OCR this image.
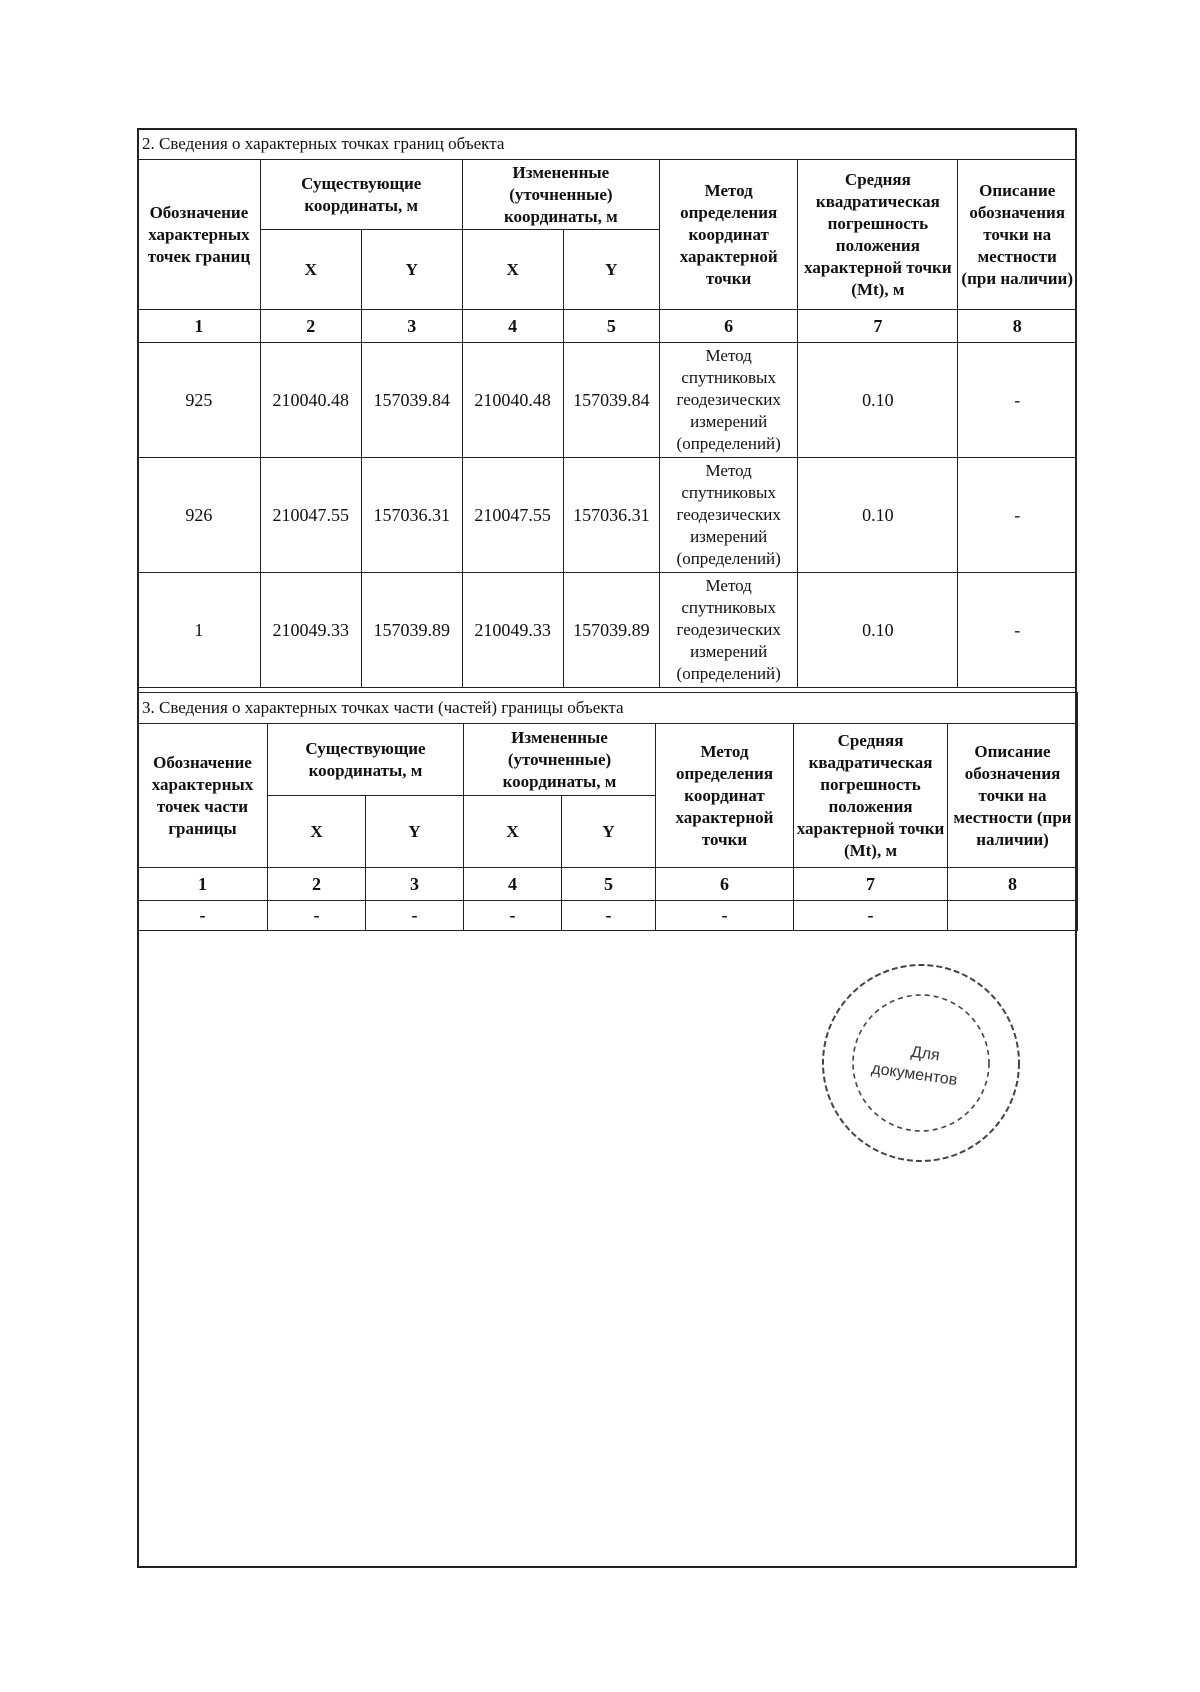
2. Сведения о характерных точках границ объекта							
Обозначение характерных точек границ	Существующие координаты, м		Измененные (уточненные) координаты, м		Метод определения координат характерной точки	Средняя квадратическая погрешность положения характерной точки (Mt), м	Описание обозначения точки на местности (при наличии)
	X	Y	X	Y			
1	2	3	4	5	6	7	8
925	210040.48	157039.84	210040.48	157039.84	Метод спутниковых геодезических измерений (определений)	0.10	-
926	210047.55	157036.31	210047.55	157036.31	Метод спутниковых геодезических измерений (определений)	0.10	-
1	210049.33	157039.89	210049.33	157039.89	Метод спутниковых геодезических измерений (определений)	0.10	-
3. Сведения о характерных точках части (частей) границы объекта							
Обозначение характерных точек части границы	Существующие координаты, м		Измененные (уточненные) координаты, м		Метод определения координат характерной точки	Средняя квадратическая погрешность положения характерной точки (Mt), м	Описание обозначения точки на местности (при наличии)
	X	Y	X	Y			
1	2	3	4	5	6	7	8
-	-	-	-	-	-	-	
Для
документов
